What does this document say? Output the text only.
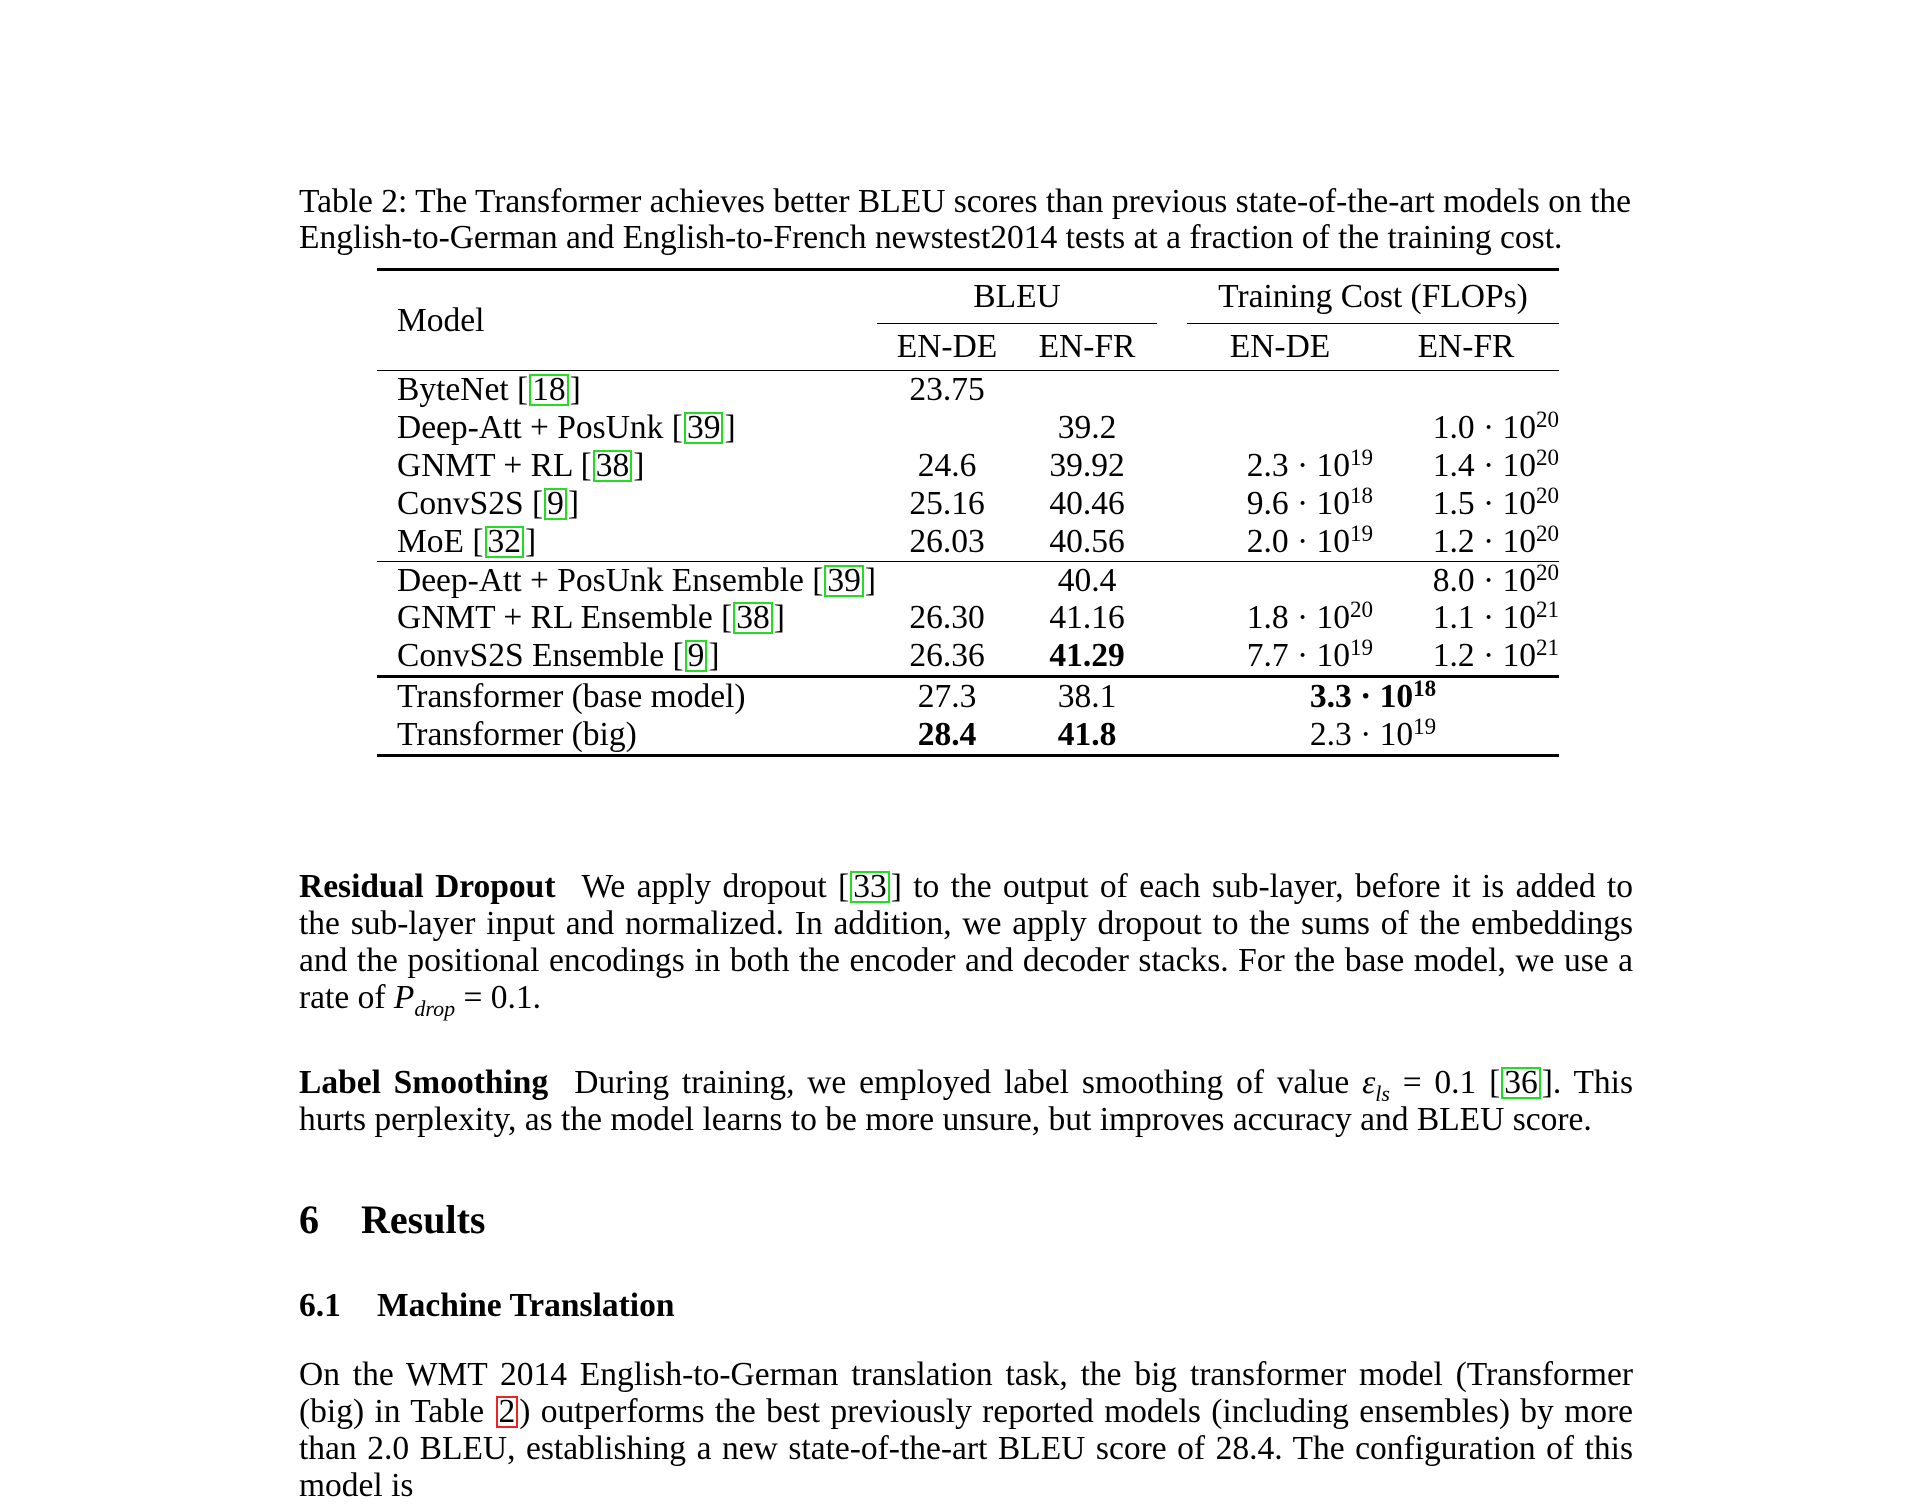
Table 2: The Transformer achieves better BLEU scores than previous state-of-the-art models on the English-to-German and English-to-French newstest2014 tests at a fraction of the training cost.
Model	BLEU			Training Cost (FLOPs)	
	EN-DE	EN-FR		EN-DE	EN-FR
ByteNet [ 18 ]	23.75				
Deep-Att + PosUnk [ 39 ]		39.2			$1.0 \cdot 10^{20}$
GNMT + RL [ 38 ]	24.6	39.92		$2.3 \cdot 10^{19}$	$1.4 \cdot 10^{20}$
ConvS2S [ 9 ]	25.16	40.46		$9.6 \cdot 10^{18}$	$1.5 \cdot 10^{20}$
MoE [ 32 ]	26.03	40.56		$2.0 \cdot 10^{19}$	$1.2 \cdot 10^{20}$
Deep-Att + PosUnk Ensemble [ 39 ]		40.4			$8.0 \cdot 10^{20}$
GNMT + RL Ensemble [ 38 ]	26.30	41.16		$1.8 \cdot 10^{20}$	$1.1 \cdot 10^{21}$
ConvS2S Ensemble [ 9 ]	26.36	41.29		$7.7 \cdot 10^{19}$	$1.2 \cdot 10^{21}$
Transformer (base model)	27.3	38.1		$3.3 \cdot 10^{18}$
Transformer (big)	28.4	41.8		$2.3 \cdot 10^{19}$
Residual Dropout We apply dropout [ 33 ] to the output of each sub-layer, before it is added to the sub-layer input and normalized. In addition, we apply dropout to the sums of the embeddings and the positional encodings in both the encoder and decoder stacks. For the base model, we use a rate of $P_{drop} = 0.1$.
Label Smoothing During training, we employed label smoothing of value $\varepsilon_{ls} = 0.1$ [ 36 ]. This hurts perplexity, as the model learns to be more unsure, but improves accuracy and BLEU score.
6 Results
6.1 Machine Translation
On the WMT 2014 English-to-German translation task, the big transformer model (Transformer (big) in Table 2 ) outperforms the best previously reported models (including ensembles) by more than 2.0 BLEU, establishing a new state-of-the-art BLEU score of 28.4. The configuration of this model is
